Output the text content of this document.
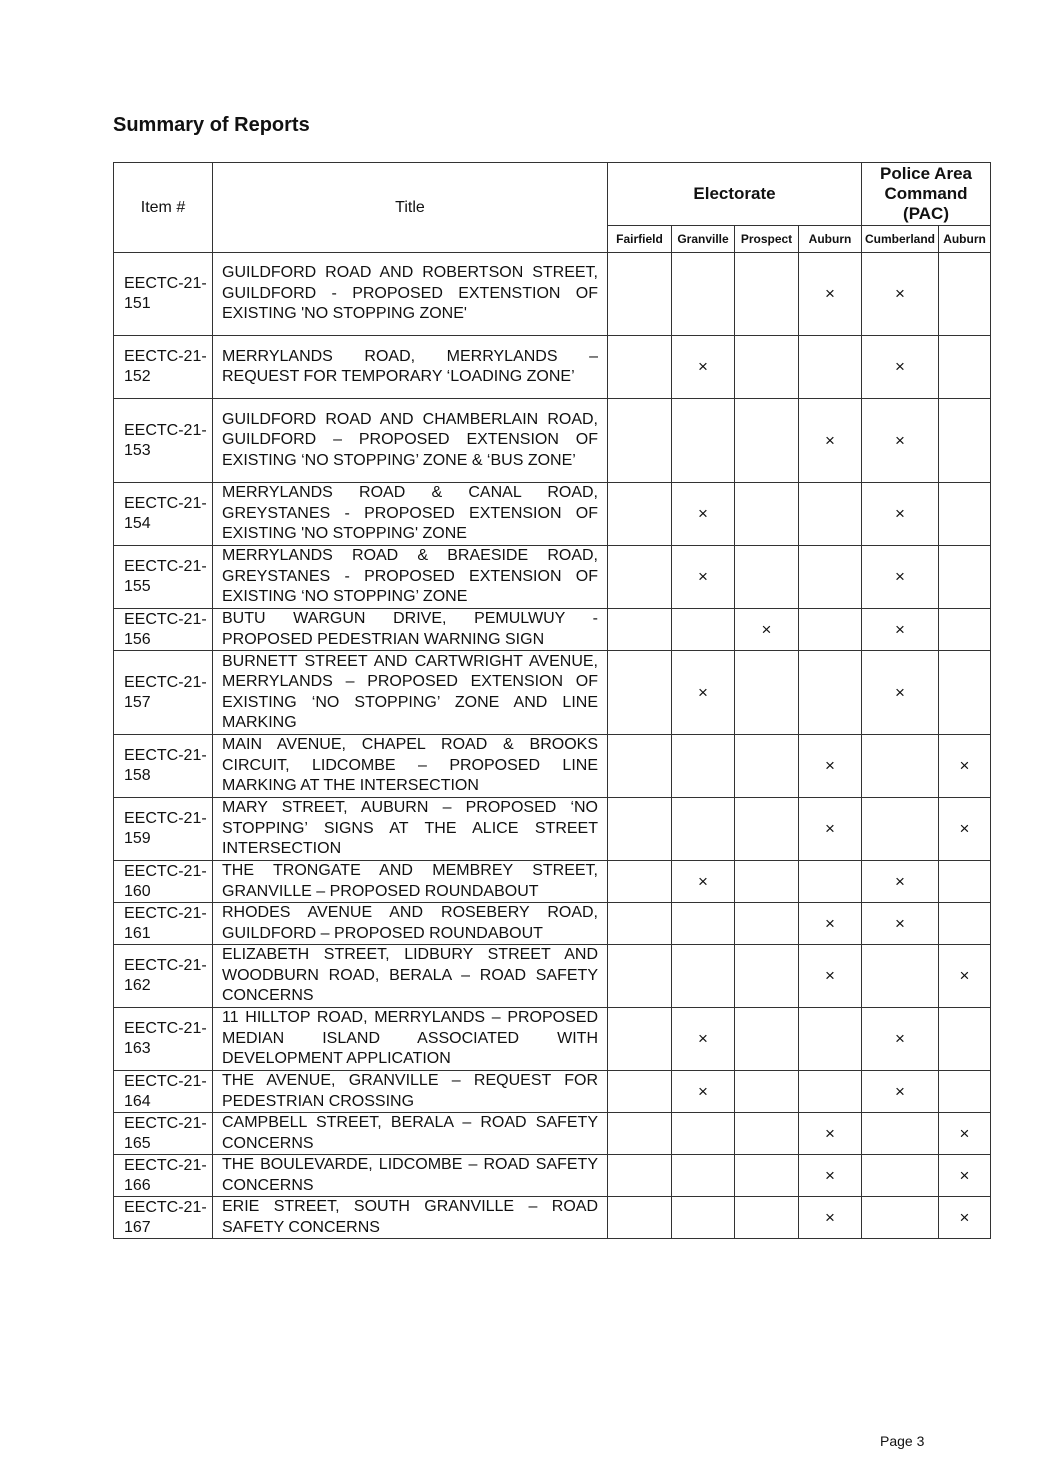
Summary of Reports
Item #	Title	Electorate				Police Area Command (PAC)	
		Fairfield	Granville	Prospect	Auburn	Cumberland	Auburn
EECTC-21-151	GUILDFORD ROAD AND ROBERTSON STREET, GUILDFORD - PROPOSED EXTENSTION OF EXISTING 'NO STOPPING ZONE'				×	×	
EECTC-21-152	MERRYLANDS ROAD, MERRYLANDS – REQUEST FOR TEMPORARY ‘LOADING ZONE’		×			×	
EECTC-21-153	GUILDFORD ROAD AND CHAMBERLAIN ROAD, GUILDFORD – PROPOSED EXTENSION OF EXISTING ‘NO STOPPING’ ZONE & ‘BUS ZONE’				×	×	
EECTC-21-154	MERRYLANDS ROAD & CANAL ROAD, GREYSTANES - PROPOSED EXTENSION OF EXISTING 'NO STOPPING' ZONE		×			×	
EECTC-21-155	MERRYLANDS ROAD & BRAESIDE ROAD, GREYSTANES - PROPOSED EXTENSION OF EXISTING ‘NO STOPPING’ ZONE		×			×	
EECTC-21-156	BUTU WARGUN DRIVE, PEMULWUY - PROPOSED PEDESTRIAN WARNING SIGN			×		×	
EECTC-21-157	BURNETT STREET AND CARTWRIGHT AVENUE, MERRYLANDS – PROPOSED EXTENSION OF EXISTING ‘NO STOPPING’ ZONE AND LINE MARKING		×			×	
EECTC-21-158	MAIN AVENUE, CHAPEL ROAD & BROOKS CIRCUIT, LIDCOMBE – PROPOSED LINE MARKING AT THE INTERSECTION				×		×
EECTC-21-159	MARY STREET, AUBURN – PROPOSED ‘NO STOPPING’ SIGNS AT THE ALICE STREET INTERSECTION				×		×
EECTC-21-160	THE TRONGATE AND MEMBREY STREET, GRANVILLE – PROPOSED ROUNDABOUT		×			×	
EECTC-21-161	RHODES AVENUE AND ROSEBERY ROAD, GUILDFORD – PROPOSED ROUNDABOUT				×	×	
EECTC-21-162	ELIZABETH STREET, LIDBURY STREET AND WOODBURN ROAD, BERALA – ROAD SAFETY CONCERNS				×		×
EECTC-21-163	11 HILLTOP ROAD, MERRYLANDS – PROPOSED MEDIAN ISLAND ASSOCIATED WITH DEVELOPMENT APPLICATION		×			×	
EECTC-21-164	THE AVENUE, GRANVILLE – REQUEST FOR PEDESTRIAN CROSSING		×			×	
EECTC-21-165	CAMPBELL STREET, BERALA – ROAD SAFETY CONCERNS				×		×
EECTC-21-166	THE BOULEVARDE, LIDCOMBE – ROAD SAFETY CONCERNS				×		×
EECTC-21-167	ERIE STREET, SOUTH GRANVILLE – ROAD SAFETY CONCERNS				×		×
Page 3
